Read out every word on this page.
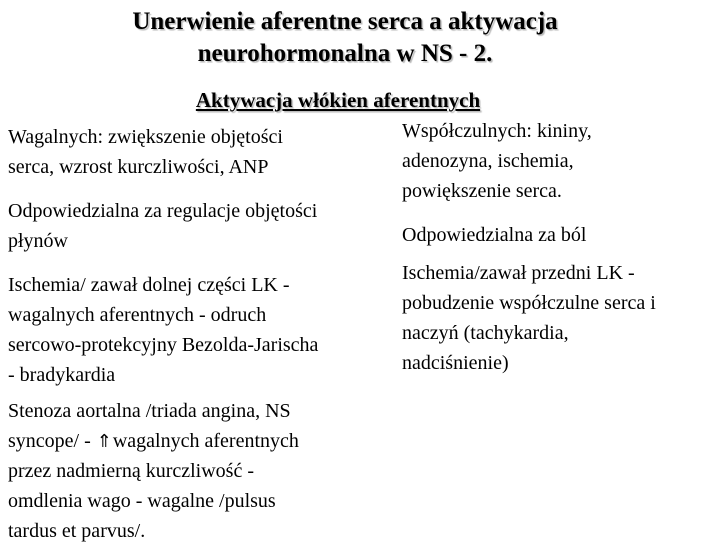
Unerwienie aferentne serca a aktywacja
neurohormonalna w NS - 2.
Aktywacja włókien aferentnych
Wagalnych: zwiększenie objętości
serca, wzrost kurczliwości, ANP
Odpowiedzialna za regulacje objętości
płynów
Ischemia/ zawał dolnej części LK -
wagalnych aferentnych - odruch
sercowo-protekcyjny Bezolda-Jarischa
- bradykardia
Stenoza aortalna /triada angina, NS
syncope/ - ⇑wagalnych aferentnych
przez nadmierną kurczliwość -
omdlenia wago - wagalne /pulsus
tardus et parvus/.
Współczulnych: kininy,
adenozyna, ischemia,
powiększenie serca.
Odpowiedzialna za ból
Ischemia/zawał przedni LK -
pobudzenie współczulne serca i
naczyń (tachykardia,
nadciśnienie)
